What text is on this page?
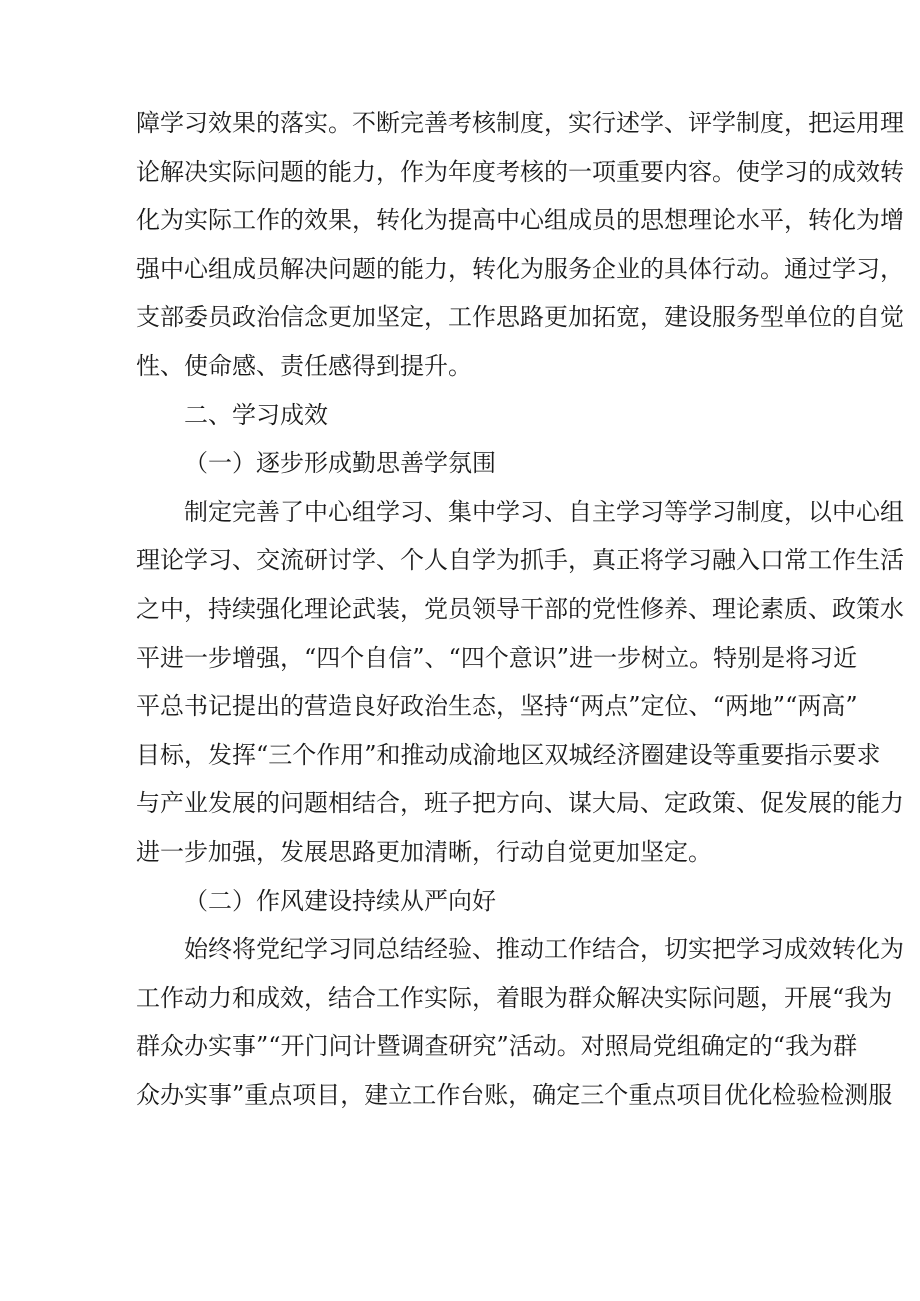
障学习效果的落实。不断完善考核制度，实行述学、评学制度，把运用理
论解决实际问题的能力，作为年度考核的一项重要内容。使学习的成效转
化为实际工作的效果，转化为提高中心组成员的思想理论水平，转化为增
强中心组成员解决问题的能力，转化为服务企业的具体行动。通过学习，
支部委员政治信念更加坚定，工作思路更加拓宽，建设服务型单位的自觉
性、使命感、责任感得到提升。
二、学习成效
（一）逐步形成勤思善学氛围
制定完善了中心组学习、集中学习、自主学习等学习制度，以中心组
理论学习、交流研讨学、个人自学为抓手，真正将学习融入口常工作生活
之中，持续强化理论武装，党员领导干部的党性修养、理论素质、政策水
平进一步增强，“四个自信”、“四个意识”进一步树立。特别是将习近
平总书记提出的营造良好政治生态，坚持“两点”定位、“两地”“两高”
目标，发挥“三个作用”和推动成渝地区双城经济圈建设等重要指示要求
与产业发展的问题相结合，班子把方向、谋大局、定政策、促发展的能力
进一步加强，发展思路更加清晰，行动自觉更加坚定。
（二）作风建设持续从严向好
始终将党纪学习同总结经验、推动工作结合，切实把学习成效转化为
工作动力和成效，结合工作实际，着眼为群众解决实际问题，开展“我为
群众办实事”“开门问计暨调查研究”活动。对照局党组确定的“我为群
众办实事”重点项目，建立工作台账，确定三个重点项目优化检验检测服
